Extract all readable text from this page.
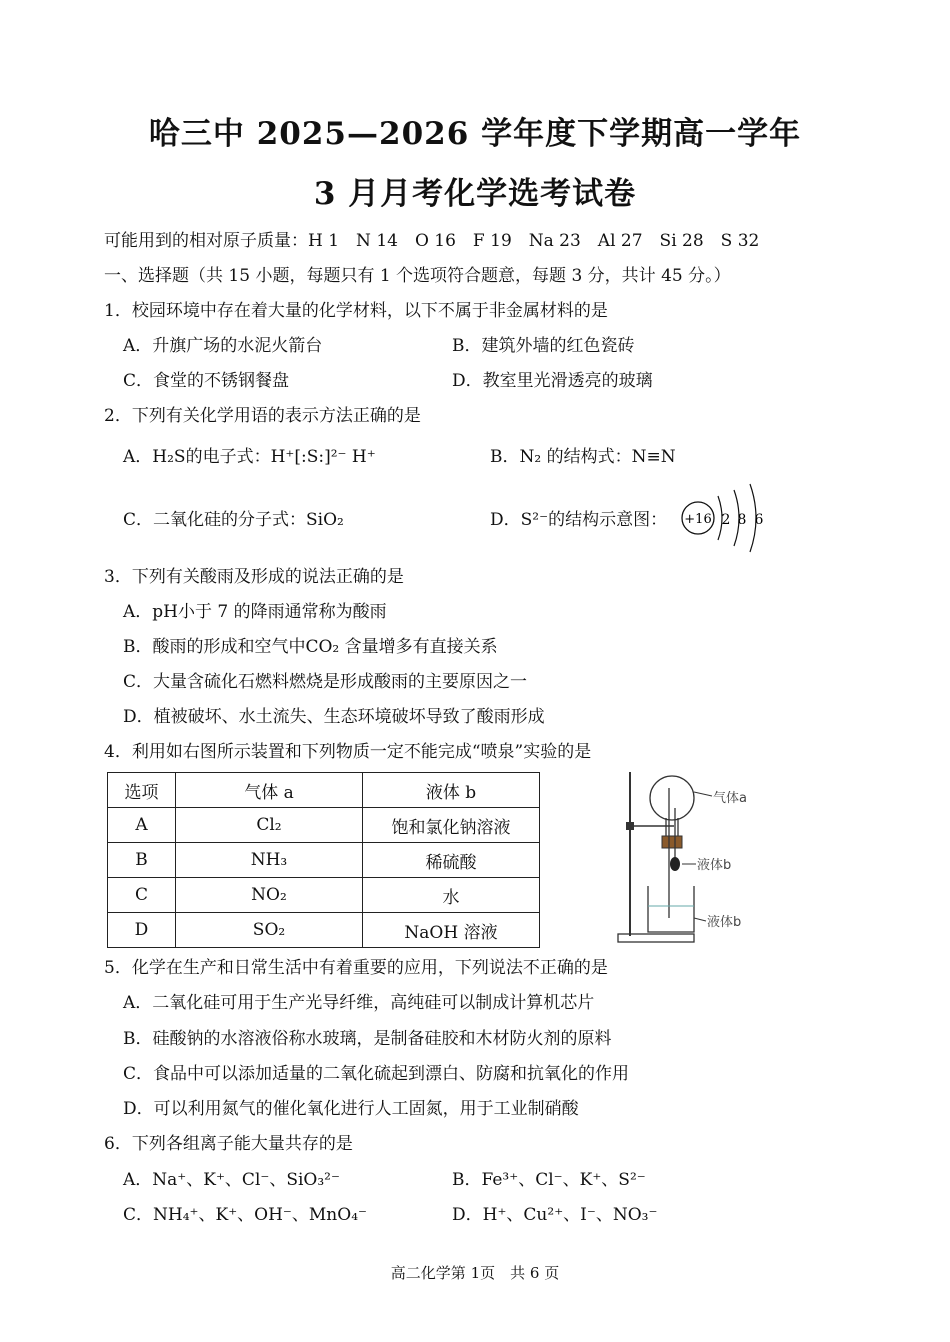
哈三中 2025—2026 学年度下学期高一学年
3 月月考化学选考试卷
可能用到的相对原子质量：H 1　N 14　O 16　F 19　Na 23　Al 27　Si 28　S 32
一、选择题（共 15 小题，每题只有 1 个选项符合题意，每题 3 分，共计 45 分。）
1．校园环境中存在着大量的化学材料，以下不属于非金属材料的是
A．升旗广场的水泥火箭台	B．建筑外墙的红色瓷砖
C．食堂的不锈钢餐盘	D．教室里光滑透亮的玻璃
2．下列有关化学用语的表示方法正确的是
A．H₂S的电子式：H⁺[:S:]²⁻ H⁺	B．N₂ 的结构式：N≡N
C．二氧化硅的分子式：SiO₂	D．S²⁻的结构示意图： +16 2 8 6
3．下列有关酸雨及形成的说法正确的是
A．pH小于 7 的降雨通常称为酸雨
B．酸雨的形成和空气中CO₂ 含量增多有直接关系
C．大量含硫化石燃料燃烧是形成酸雨的主要原因之一
D．植被破坏、水土流失、生态环境破坏导致了酸雨形成
4．利用如右图所示装置和下列物质一定不能完成“喷泉”实验的是
选项	气体 a	液体 b
A	Cl₂	饱和氯化钠溶液
B	NH₃	稀硫酸
C	NO₂	水
D	SO₂	NaOH 溶液
气体a
液体b
液体b
5．化学在生产和日常生活中有着重要的应用，下列说法不正确的是
A．二氧化硅可用于生产光导纤维，高纯硅可以制成计算机芯片
B．硅酸钠的水溶液俗称水玻璃，是制备硅胶和木材防火剂的原料
C．食品中可以添加适量的二氧化硫起到漂白、防腐和抗氧化的作用
D．可以利用氮气的催化氧化进行人工固氮，用于工业制硝酸
6．下列各组离子能大量共存的是
A．Na⁺、K⁺、Cl⁻、SiO₃²⁻	B．Fe³⁺、Cl⁻、K⁺、S²⁻
C．NH₄⁺、K⁺、OH⁻、MnO₄⁻	D．H⁺、Cu²⁺、I⁻、NO₃⁻
高二化学第 1页　共 6 页
